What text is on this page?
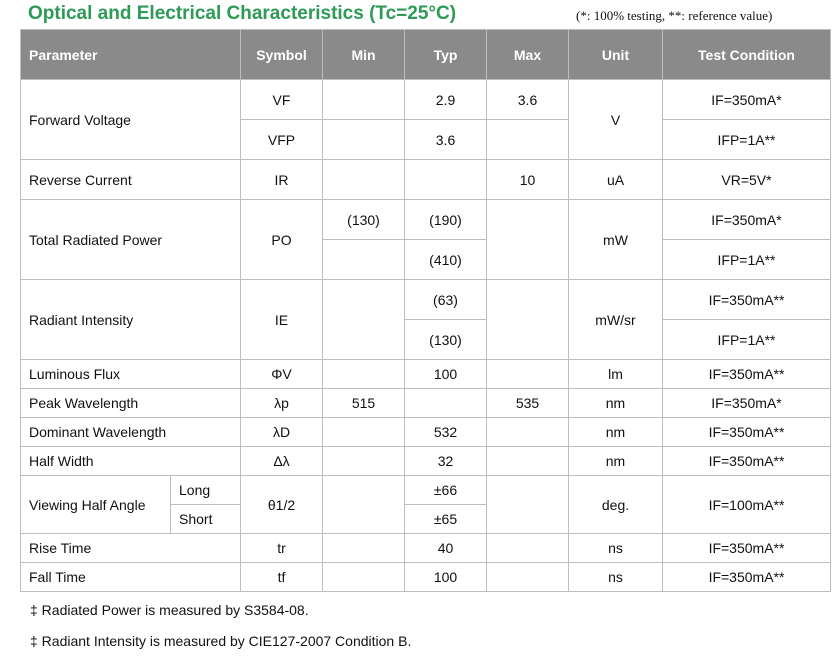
Optical and Electrical Characteristics (Tc=25°C)	(*: 100% testing, **: reference value)
Parameter		Symbol	Min	Typ	Max	Unit	Test Condition
Forward Voltage		VF		2.9	3.6	V	IF=350mA*
		VFP		3.6			IFP=1A**
Reverse Current		IR			10	uA	VR=5V*
Total Radiated Power		PO	(130)	(190)		mW	IF=350mA*
				(410)			IFP=1A**
Radiant Intensity		IE		(63)		mW/sr	IF=350mA**
				(130)			IFP=1A**
Luminous Flux		ΦV		100		lm	IF=350mA**
Peak Wavelength		λp	515		535	nm	IF=350mA*
Dominant Wavelength		λD		532		nm	IF=350mA**
Half Width		Δλ		32		nm	IF=350mA**
Viewing Half Angle	Long	θ1/2		±66		deg.	IF=100mA**
	Short			±65			
Rise Time		tr		40		ns	IF=350mA**
Fall Time		tf		100		ns	IF=350mA**
‡ Radiated Power is measured by S3584-08.
‡ Radiant Intensity is measured by CIE127-2007 Condition B.
